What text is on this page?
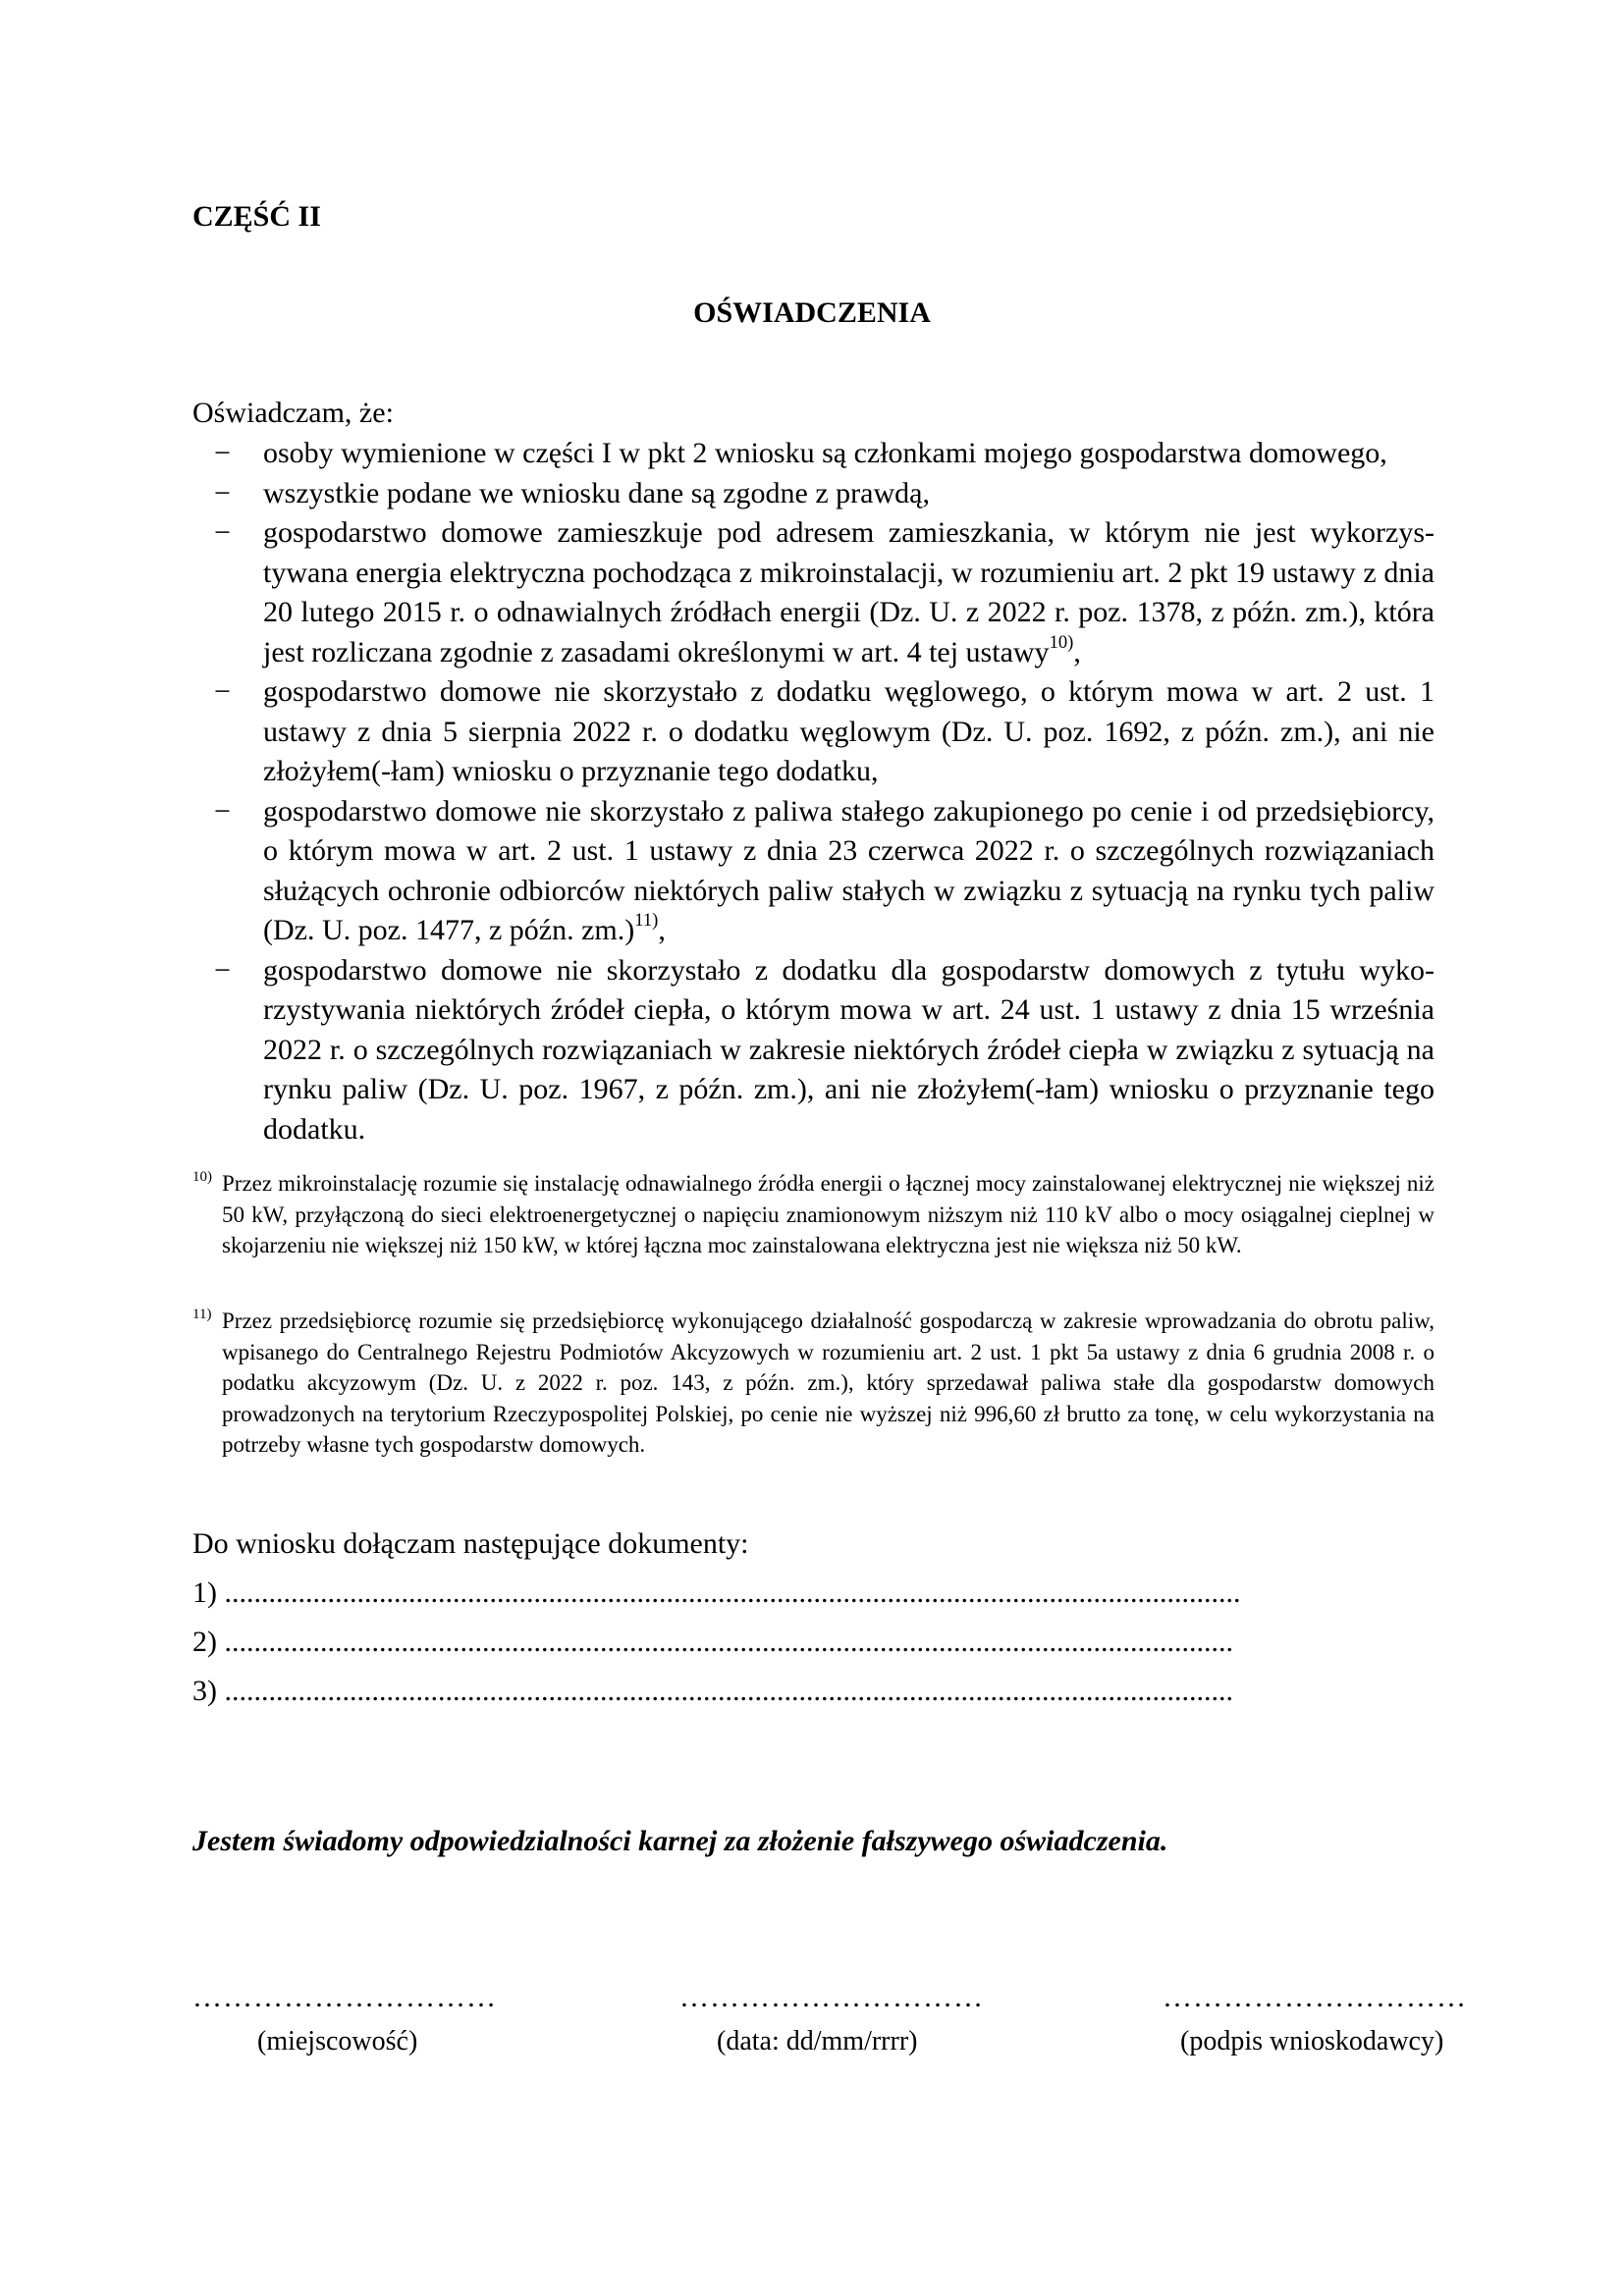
CZĘŚĆ II
OŚWIADCZENIA
Oświadczam, że:
− osoby wymienione w części I w pkt 2 wniosku są członkami mojego gospodarstwa domowego,
− wszystkie podane we wniosku dane są zgodne z prawdą,
− gospodarstwo domowe zamieszkuje pod adresem zamieszkania, w którym nie jest wykorzystywana energia elektryczna pochodząca z mikroinstalacji, w rozumieniu art. 2 pkt 19 ustawy z dnia 20 lutego 2015 r. o odnawialnych źródłach energii (Dz. U. z 2022 r. poz. 1378, z późn. zm.), która jest rozliczana zgodnie z zasadami określonymi w art. 4 tej ustawy$^{10)}$,
− gospodarstwo domowe nie skorzystało z dodatku węglowego, o którym mowa w art. 2 ust. 1 ustawy z dnia 5 sierpnia 2022 r. o dodatku węglowym (Dz. U. poz. 1692, z późn. zm.), ani nie złożyłem(-łam) wniosku o przyznanie tego dodatku,
− gospodarstwo domowe nie skorzystało z paliwa stałego zakupionego po cenie i od przedsiębiorcy, o którym mowa w art. 2 ust. 1 ustawy z dnia 23 czerwca 2022 r. o szczególnych rozwiązaniach służących ochronie odbiorców niektórych paliw stałych w związku z sytuacją na rynku tych paliw (Dz. U. poz. 1477, z późn. zm.)$^{11)}$,
− gospodarstwo domowe nie skorzystało z dodatku dla gospodarstw domowych z tytułu wykorzystywania niektórych źródeł ciepła, o którym mowa w art. 24 ust. 1 ustawy z dnia 15 września 2022 r. o szczególnych rozwiązaniach w zakresie niektórych źródeł ciepła w związku z sytuacją na rynku paliw (Dz. U. poz. 1967, z późn. zm.), ani nie złożyłem(-łam) wniosku o przyznanie tego dodatku.
10) Przez mikroinstalację rozumie się instalację odnawialnego źródła energii o łącznej mocy zainstalowanej elektrycznej nie większej niż 50 kW, przyłączoną do sieci elektroenergetycznej o napięciu znamionowym niższym niż 110 kV albo o mocy osiągalnej cieplnej w skojarzeniu nie większej niż 150 kW, w której łączna moc zainstalowana elektryczna jest nie większa niż 50 kW.
11) Przez przedsiębiorcę rozumie się przedsiębiorcę wykonującego działalność gospodarczą w zakresie wprowadzania do obrotu paliw, wpisanego do Centralnego Rejestru Podmiotów Akcyzowych w rozumieniu art. 2 ust. 1 pkt 5a ustawy z dnia 6 grudnia 2008 r. o podatku akcyzowym (Dz. U. z 2022 r. poz. 143, z późn. zm.), który sprzedawał paliwa stałe dla gospodarstw domowych prowadzonych na terytorium Rzeczypospolitej Polskiej, po cenie nie wyższej niż 996,60 zł brutto za tonę, w celu wykorzystania na potrzeby własne tych gospodarstw domowych.
Do wniosku dołączam następujące dokumenty:
1) ..........................................................................................................................................
2) .........................................................................................................................................
3) .........................................................................................................................................
Jestem świadomy odpowiedzialności karnej za złożenie fałszywego oświadczenia.
…………………………	…………………………	…………………………
(miejscowość)	(data: dd/mm/rrrr)	(podpis wnioskodawcy)
